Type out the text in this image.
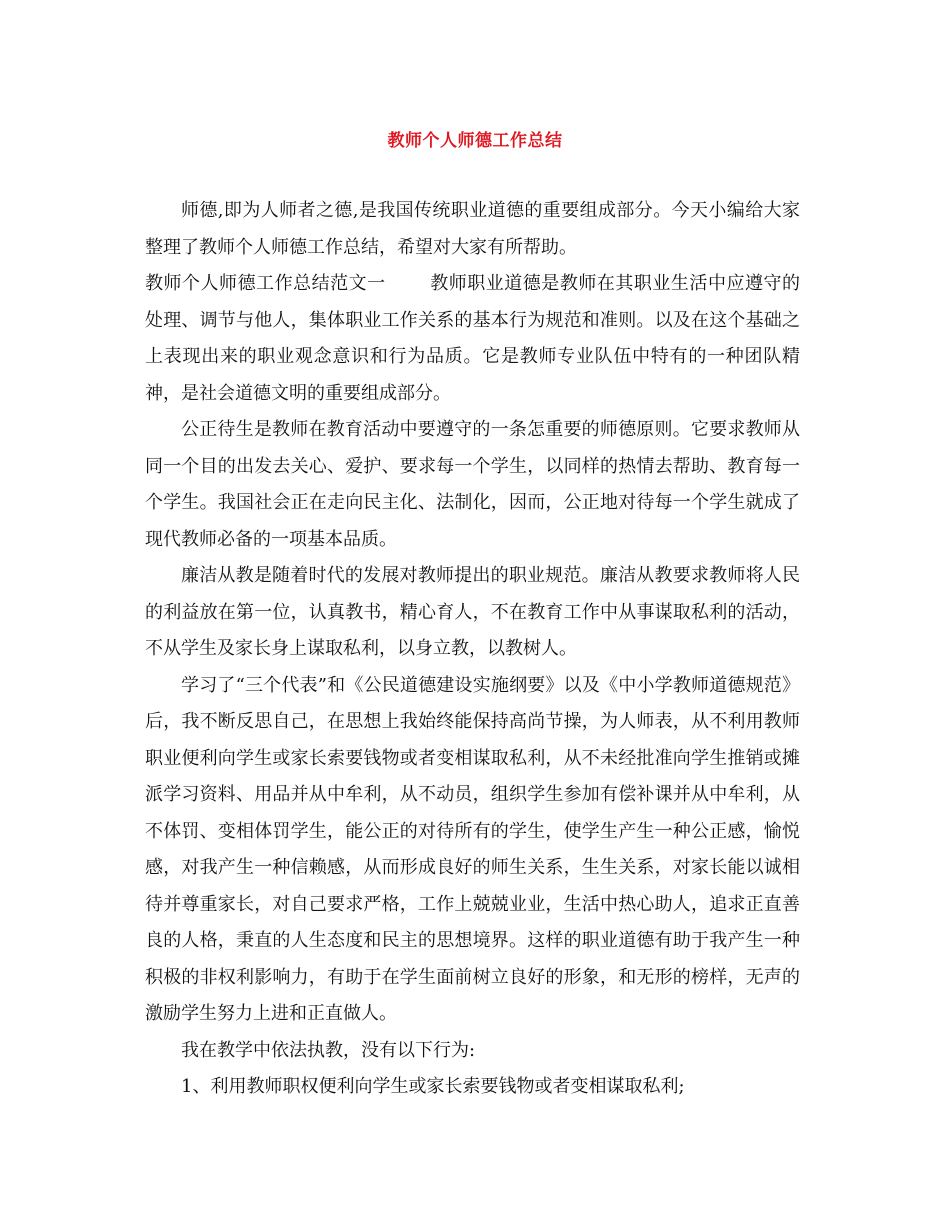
教师个人师德工作总结

师德,即为人师者之德,是我国传统职业道德的重要组成部分。今天小编给大家整理了教师个人师德工作总结，希望对大家有所帮助。

教师个人师德工作总结范文一 教师职业道德是教师在其职业生活中应遵守的处理、调节与他人，集体职业工作关系的基本行为规范和准则。以及在这个基础之上表现出来的职业观念意识和行为品质。它是教师专业队伍中特有的一种团队精神，是社会道德文明的重要组成部分。

公正待生是教师在教育活动中要遵守的一条怎重要的师德原则。它要求教师从同一个目的出发去关心、爱护、要求每一个学生，以同样的热情去帮助、教育每一个学生。我国社会正在走向民主化、法制化，因而，公正地对待每一个学生就成了现代教师必备的一项基本品质。

廉洁从教是随着时代的发展对教师提出的职业规范。廉洁从教要求教师将人民的利益放在第一位，认真教书，精心育人，不在教育工作中从事谋取私利的活动，不从学生及家长身上谋取私利，以身立教，以教树人。

学习了“三个代表”和《公民道德建设实施纲要》以及《中小学教师道德规范》后，我不断反思自己，在思想上我始终能保持高尚节操，为人师表，从不利用教师职业便利向学生或家长索要钱物或者变相谋取私利，从不未经批准向学生推销或摊派学习资料、用品并从中牟利，从不动员，组织学生参加有偿补课并从中牟利，从不体罚、变相体罚学生，能公正的对待所有的学生，使学生产生一种公正感，愉悦感，对我产生一种信赖感，从而形成良好的师生关系，生生关系，对家长能以诚相待并尊重家长，对自己要求严格，工作上兢兢业业，生活中热心助人，追求正直善良的人格，秉直的人生态度和民主的思想境界。这样的职业道德有助于我产生一种积极的非权利影响力，有助于在学生面前树立良好的形象，和无形的榜样，无声的激励学生努力上进和正直做人。

我在教学中依法执教，没有以下行为:

1、利用教师职权便利向学生或家长索要钱物或者变相谋取私利;
